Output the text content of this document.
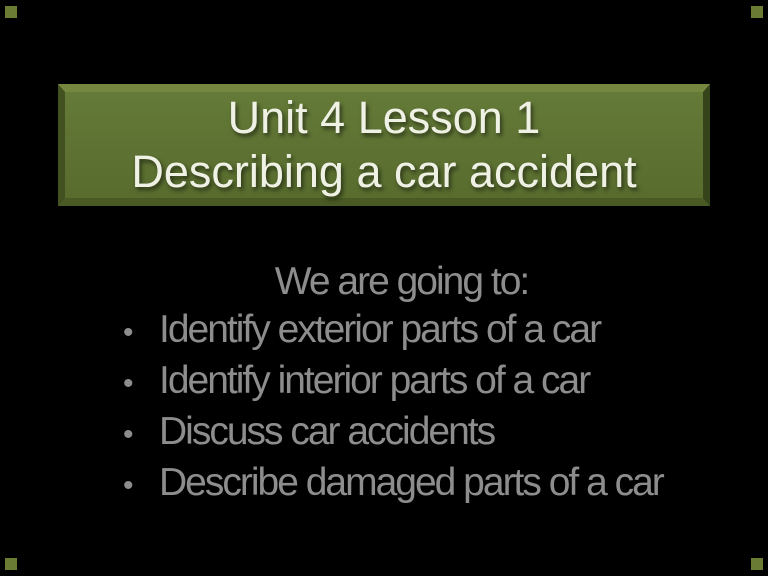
Unit 4 Lesson 1
Describing a car accident
We are going to:
• Identify exterior parts of a car
• Identify interior parts of a car
• Discuss car accidents
• Describe damaged parts of a car
